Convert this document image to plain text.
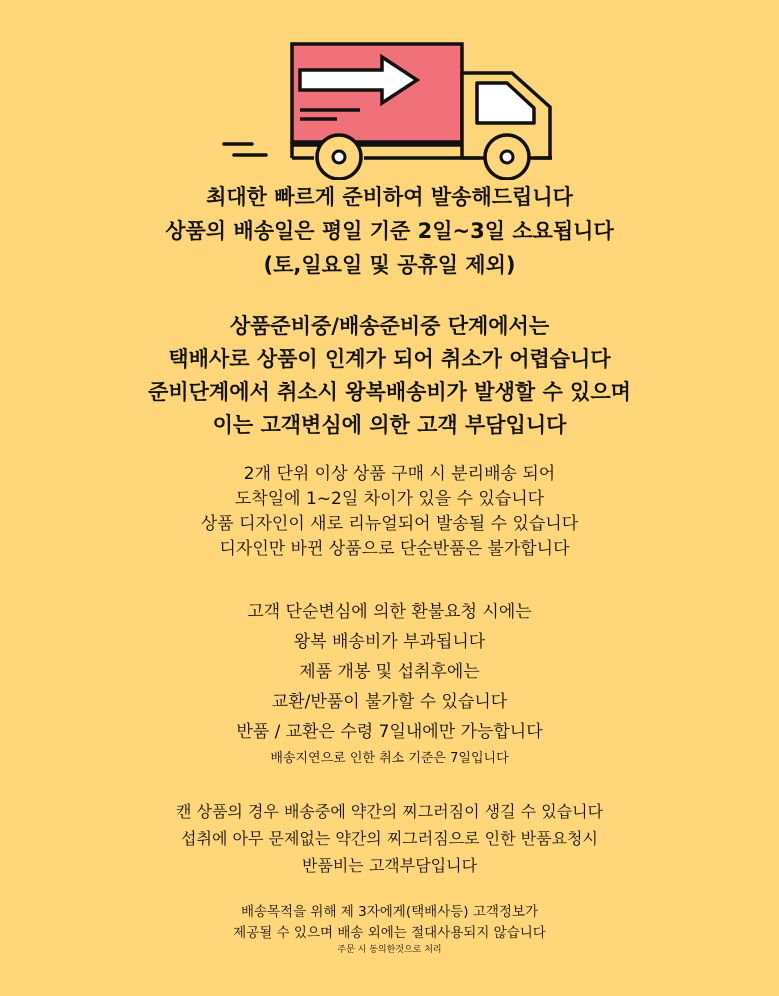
최대한 빠르게 준비하여 발송해드립니다
상품의 배송일은 평일 기준 2일~3일 소요됩니다
(토,일요일 및 공휴일 제외)
상품준비중/배송준비중 단계에서는
택배사로 상품이 인계가 되어 취소가 어렵습니다
준비단계에서 취소시 왕복배송비가 발생할 수 있으며
이는 고객변심에 의한 고객 부담입니다
2개 단위 이상 상품 구매 시 분리배송 되어
도착일에 1~2일 차이가 있을 수 있습니다
상품 디자인이 새로 리뉴얼되어 발송될 수 있습니다
디자인만 바뀐 상품으로 단순반품은 불가합니다
고객 단순변심에 의한 환불요청 시에는
왕복 배송비가 부과됩니다
제품 개봉 및 섭취후에는
교환/반품이 불가할 수 있습니다
반품 / 교환은 수령 7일내에만 가능합니다
배송지연으로 인한 취소 기준은 7일입니다
캔 상품의 경우 배송중에 약간의 찌그러짐이 생길 수 있습니다
섭취에 아무 문제없는 약간의 찌그러짐으로 인한 반품요청시
반품비는 고객부담입니다
배송목적을 위해 제 3자에게(택배사등) 고객정보가
제공될 수 있으며 배송 외에는 절대사용되지 않습니다
주문 시 동의한것으로 처리
